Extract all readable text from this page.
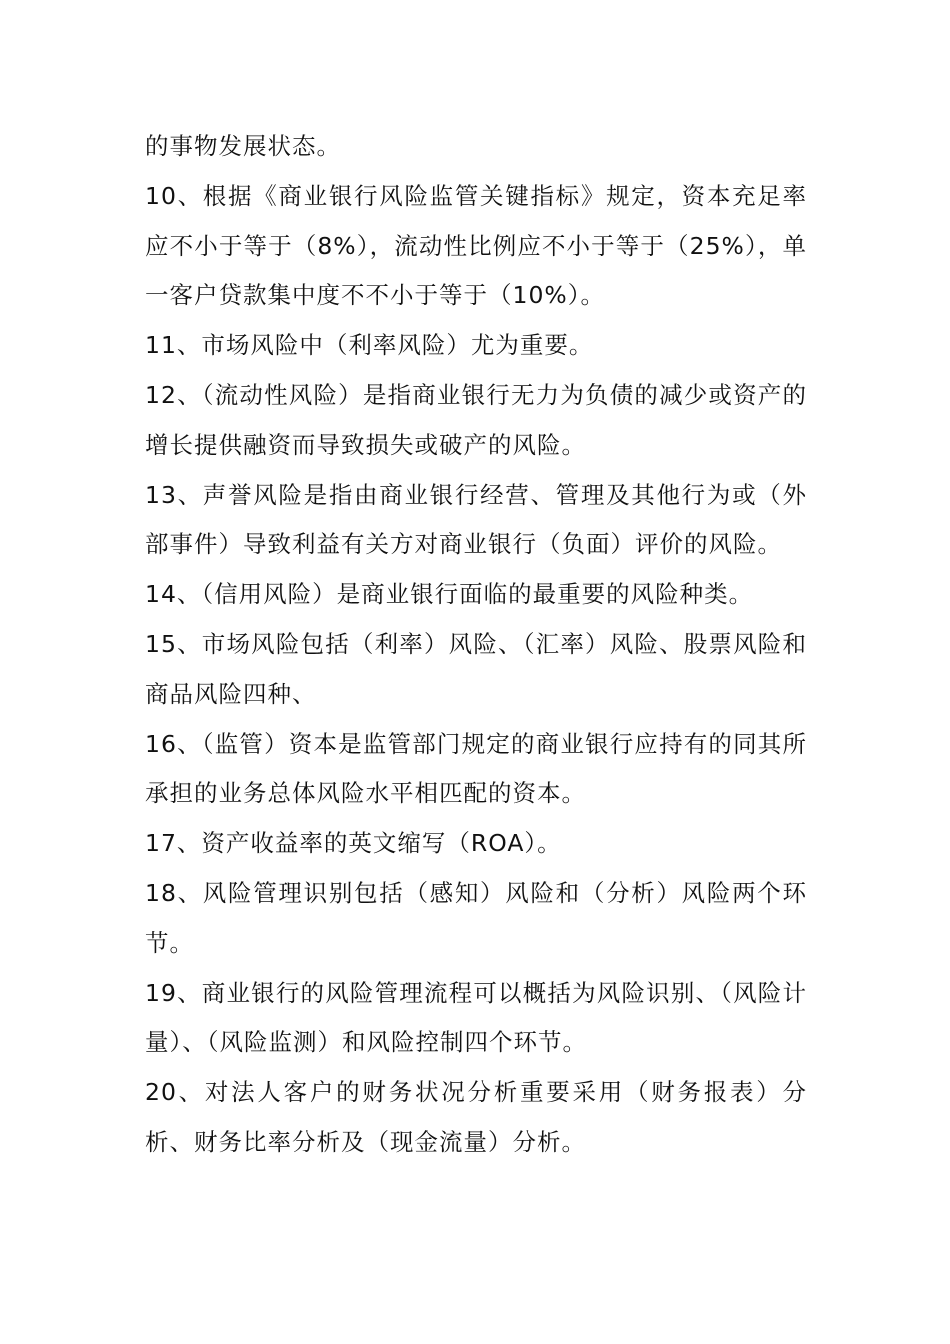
的事物发展状态。

10、根据《商业银行风险监管关键指标》规定，资本充足率应不小于等于（8%），流动性比例应不小于等于（25%），单一客户贷款集中度不不小于等于（10%）。

11、市场风险中（利率风险）尤为重要。

12、（流动性风险）是指商业银行无力为负债的减少或资产的增长提供融资而导致损失或破产的风险。

13、声誉风险是指由商业银行经营、管理及其他行为或（外部事件）导致利益有关方对商业银行（负面）评价的风险。

14、（信用风险）是商业银行面临的最重要的风险种类。

15、市场风险包括（利率）风险、（汇率）风险、股票风险和商品风险四种、

16、（监管）资本是监管部门规定的商业银行应持有的同其所承担的业务总体风险水平相匹配的资本。

17、资产收益率的英文缩写（ROA）。

18、风险管理识别包括（感知）风险和（分析）风险两个环节。

19、商业银行的风险管理流程可以概括为风险识别、（风险计量）、（风险监测）和风险控制四个环节。

20、对法人客户的财务状况分析重要采用（财务报表）分析、财务比率分析及（现金流量）分析。
